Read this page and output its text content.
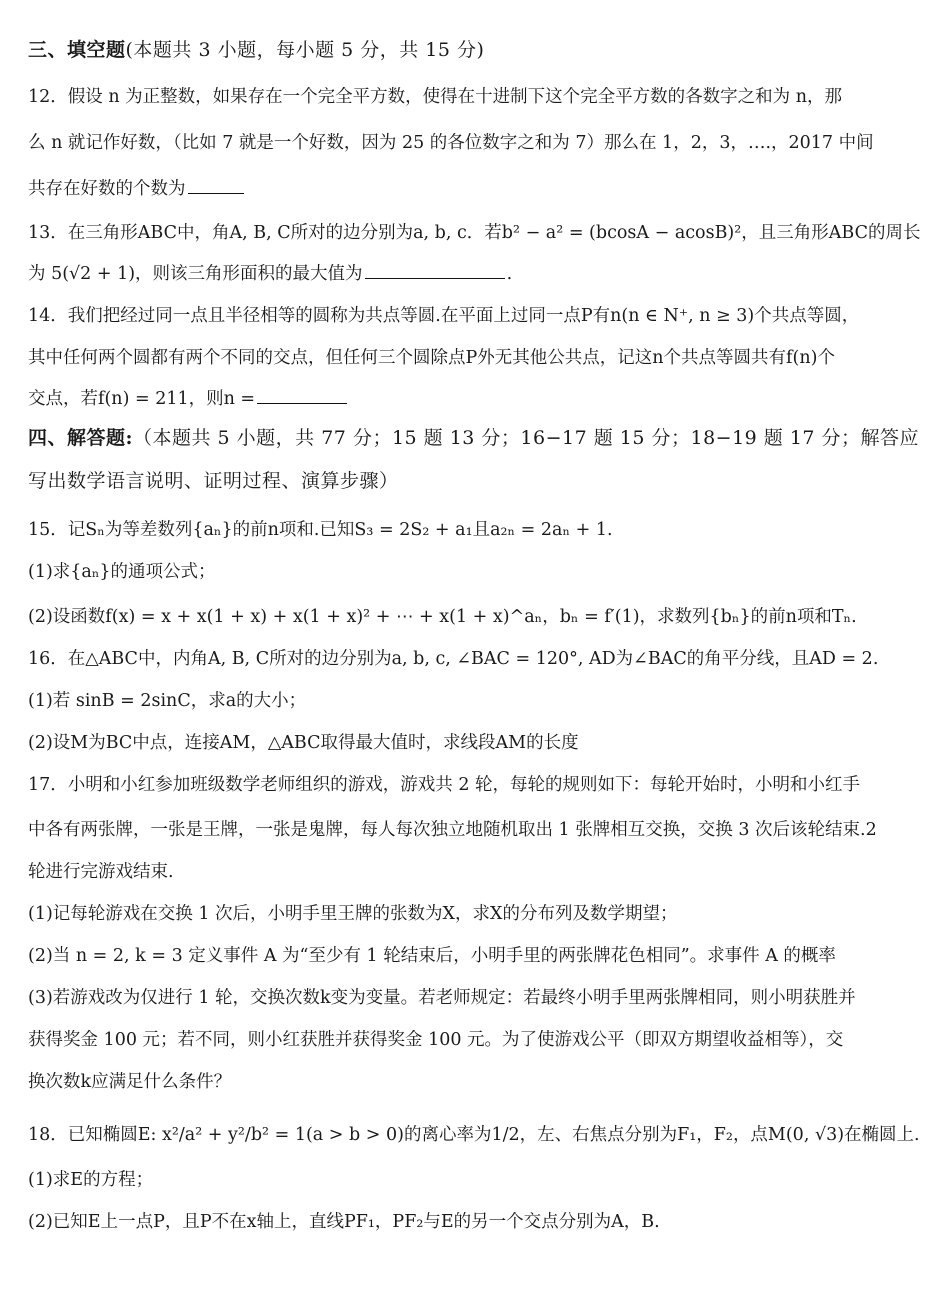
三、填空题(本题共 3 小题，每小题 5 分，共 15 分)
12．假设 n 为正整数，如果存在一个完全平方数，使得在十进制下这个完全平方数的各数字之和为 n，那
么 n 就记作好数，（比如 7 就是一个好数，因为 25 的各位数字之和为 7）那么在 1，2，3，….，2017 中间
共存在好数的个数为
13．在三角形ABC中，角A, B, C所对的边分别为a, b, c．若b² − a² = (bcosA − acosB)²，且三角形ABC的周长
为 5(√2 + 1)，则该三角形面积的最大值为	.
14．我们把经过同一点且半径相等的圆称为共点等圆.在平面上过同一点P有n(n ∈ N⁺, n ≥ 3)个共点等圆，
其中任何两个圆都有两个不同的交点，但任何三个圆除点P外无其他公共点，记这n个共点等圆共有f(n)个
交点，若f(n) = 211，则n =
四、解答题:（本题共 5 小题，共 77 分；15 题 13 分；16−17 题 15 分；18−19 题 17 分；解答应
写出数学语言说明、证明过程、演算步骤）
15．记Sₙ为等差数列{aₙ}的前n项和.已知S₃ = 2S₂ + a₁且a₂ₙ = 2aₙ + 1.
(1)求{aₙ}的通项公式；
(2)设函数f(x) = x + x(1 + x) + x(1 + x)² + ⋯ + x(1 + x)^aₙ，bₙ = f′(1)，求数列{bₙ}的前n项和Tₙ.
16．在△ABC中，内角A, B, C所对的边分别为a, b, c, ∠BAC = 120°, AD为∠BAC的角平分线，且AD = 2.
(1)若 sinB = 2sinC，求a的大小；
(2)设M为BC中点，连接AM，△ABC取得最大值时，求线段AM的长度
17．小明和小红参加班级数学老师组织的游戏，游戏共 2 轮，每轮的规则如下：每轮开始时，小明和小红手
中各有两张牌，一张是王牌，一张是鬼牌，每人每次独立地随机取出 1 张牌相互交换，交换 3 次后该轮结束.2
轮进行完游戏结束.
(1)记每轮游戏在交换 1 次后，小明手里王牌的张数为X，求X的分布列及数学期望；
(2)当 n = 2, k = 3 定义事件 A 为“至少有 1 轮结束后，小明手里的两张牌花色相同”。求事件 A 的概率
(3)若游戏改为仅进行 1 轮，交换次数k变为变量。若老师规定：若最终小明手里两张牌相同，则小明获胜并
获得奖金 100 元；若不同，则小红获胜并获得奖金 100 元。为了使游戏公平（即双方期望收益相等），交
换次数k应满足什么条件？
18．已知椭圆E: x²/a² + y²/b² = 1(a > b > 0)的离心率为1/2，左、右焦点分别为F₁，F₂，点M(0, √3)在椭圆上.
(1)求E的方程；
(2)已知E上一点P，且P不在x轴上，直线PF₁，PF₂与E的另一个交点分别为A，B.
